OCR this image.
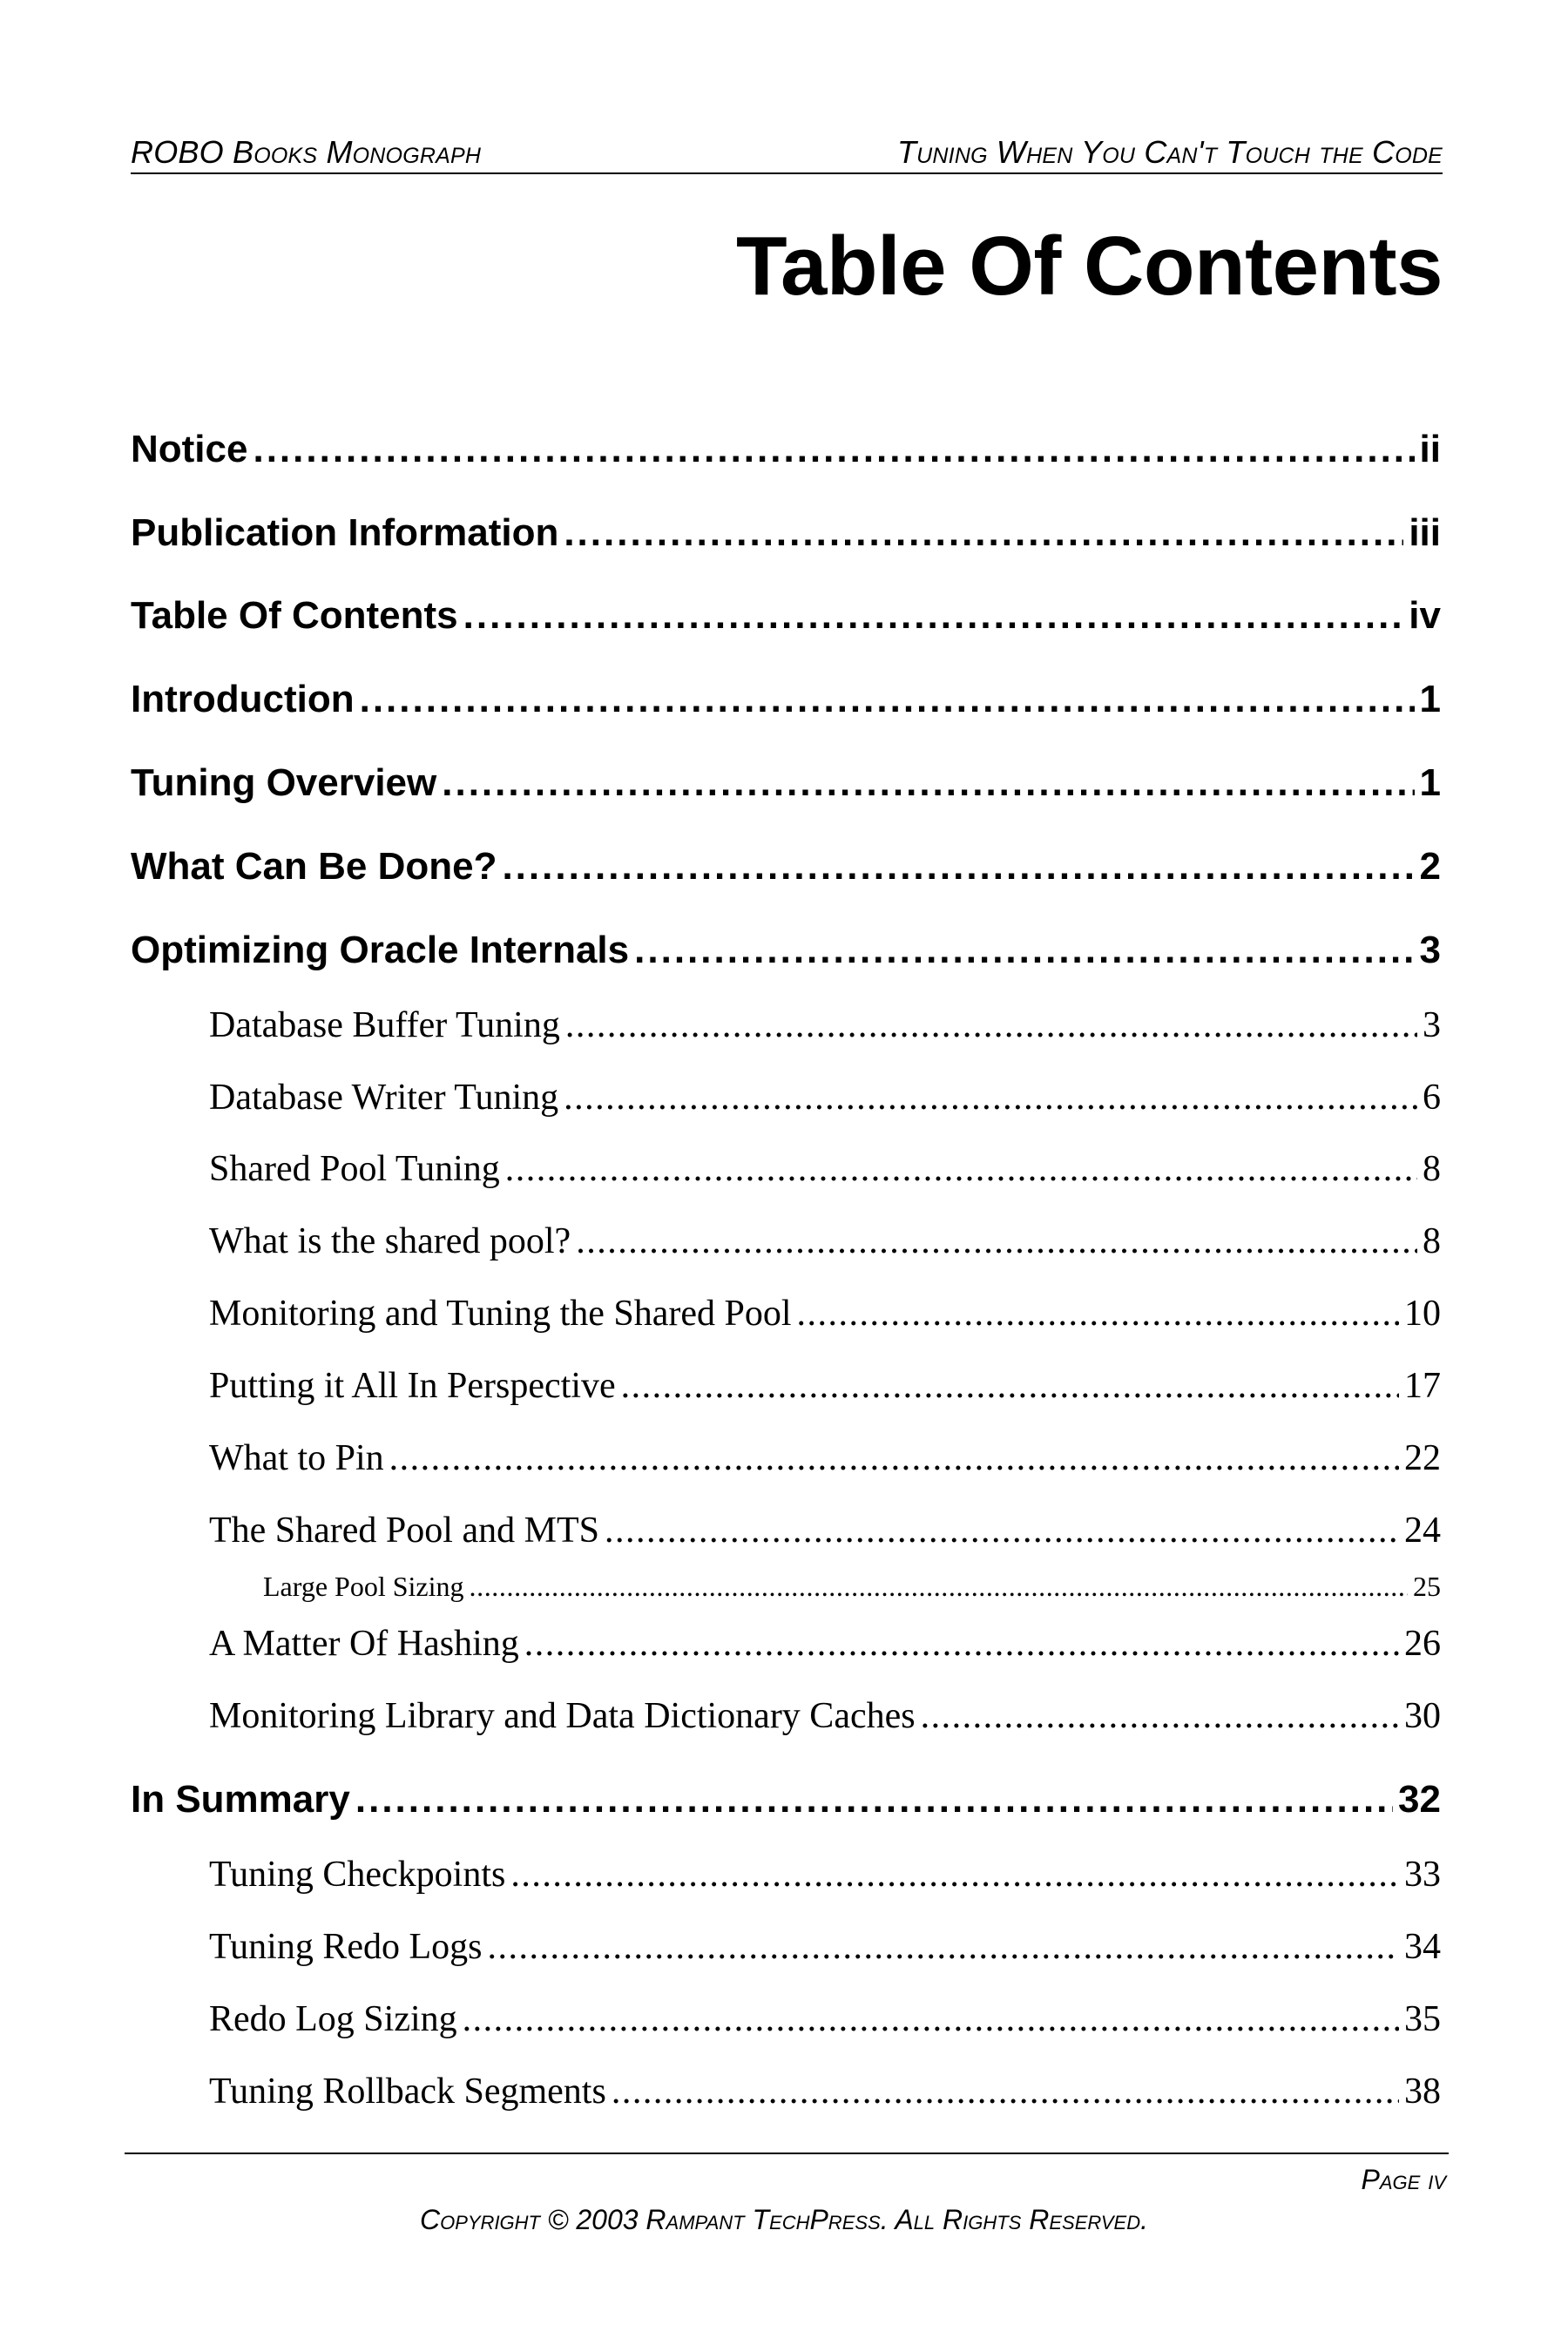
ROBO Books Monograph	Tuning When You Can't Touch the Code
Table Of Contents
Notice .....	ii
Publication Information .....	iii
Table Of Contents .....	iv
Introduction .....	1
Tuning Overview .....	1
What Can Be Done? .....	2
Optimizing Oracle Internals .....	3
Database Buffer Tuning .....	3
Database Writer Tuning .....	6
Shared Pool Tuning .....	8
What is the shared pool? .....	8
Monitoring and Tuning the Shared Pool .....	10
Putting it All In Perspective .....	17
What to Pin .....	22
The Shared Pool and MTS .....	24
Large Pool Sizing .....	25
A Matter Of Hashing .....	26
Monitoring Library and Data Dictionary Caches .....	30
In Summary .....	32
Tuning Checkpoints .....	33
Tuning Redo Logs .....	34
Redo Log Sizing .....	35
Tuning Rollback Segments .....	38
Page iv
Copyright © 2003 Rampant TechPress. All Rights Reserved.
